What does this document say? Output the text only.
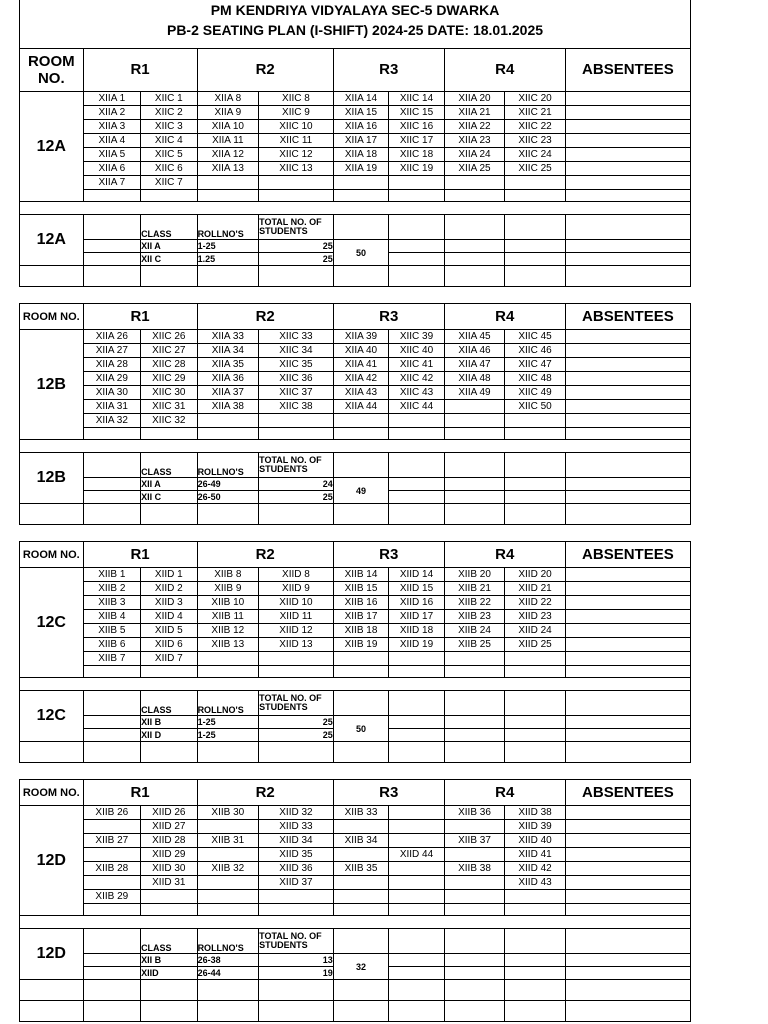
PM KENDRIYA VIDYALAYA SEC-5 DWARKA
PB-2 SEATING PLAN (I-SHIFT) 2024-25 DATE: 18.01.2025
ROOM NO.	R1		R2		R3		R4		ABSENTEES
12A	XIIA 1	XIIC 1	XIIA 8	XIIC 8	XIIA 14	XIIC 14	XIIA 20	XIIC 20	
	XIIA 2	XIIC 2	XIIA 9	XIIC 9	XIIA 15	XIIC 15	XIIA 21	XIIC 21	
	XIIA 3	XIIC 3	XIIA 10	XIIC 10	XIIA 16	XIIC 16	XIIA 22	XIIC 22	
	XIIA 4	XIIC 4	XIIA 11	XIIC 11	XIIA 17	XIIC 17	XIIA 23	XIIC 23	
	XIIA 5	XIIC 5	XIIA 12	XIIC 12	XIIA 18	XIIC 18	XIIA 24	XIIC 24	
	XIIA 6	XIIC 6	XIIA 13	XIIC 13	XIIA 19	XIIC 19	XIIA 25	XIIC 25	
	XIIA 7	XIIC 7							

12A		CLASS	ROLLNO'S	TOTAL NO. OF STUDENTS					
		XII A	1-25	25	50				
		XII C	1.25	25					

ROOM NO.	R1		R2		R3		R4		ABSENTEES
12B	XIIA 26	XIIC 26	XIIA 33	XIIC 33	XIIA 39	XIIC 39	XIIA 45	XIIC 45	
	XIIA 27	XIIC 27	XIIA 34	XIIC 34	XIIA 40	XIIC 40	XIIA 46	XIIC 46	
	XIIA 28	XIIC 28	XIIA 35	XIIC 35	XIIA 41	XIIC 41	XIIA 47	XIIC 47	
	XIIA 29	XIIC 29	XIIA 36	XIIC 36	XIIA 42	XIIC 42	XIIA 48	XIIC 48	
	XIIA 30	XIIC 30	XIIA 37	XIIC 37	XIIA 43	XIIC 43	XIIA 49	XIIC 49	
	XIIA 31	XIIC 31	XIIA 38	XIIC 38	XIIA 44	XIIC 44		XIIC 50	
	XIIA 32	XIIC 32							

12B		CLASS	ROLLNO'S	TOTAL NO. OF STUDENTS					
		XII A	26-49	24	49				
		XII C	26-50	25					

ROOM NO.	R1		R2		R3		R4		ABSENTEES
12C	XIIB 1	XIID 1	XIIB 8	XIID 8	XIIB 14	XIID 14	XIIB 20	XIID 20	
	XIIB 2	XIID 2	XIIB 9	XIID 9	XIIB 15	XIID 15	XIIB 21	XIID 21	
	XIIB 3	XIID 3	XIIB 10	XIID 10	XIIB 16	XIID 16	XIIB 22	XIID 22	
	XIIB 4	XIID 4	XIIB 11	XIID 11	XIIB 17	XIID 17	XIIB 23	XIID 23	
	XIIB 5	XIID 5	XIIB 12	XIID 12	XIIB 18	XIID 18	XIIB 24	XIID 24	
	XIIB 6	XIID 6	XIIB 13	XIID 13	XIIB 19	XIID 19	XIIB 25	XIID 25	
	XIIB 7	XIID 7							

12C		CLASS	ROLLNO'S	TOTAL NO. OF STUDENTS					
		XII B	1-25	25	50				
		XII D	1-25	25					

ROOM NO.	R1		R2		R3		R4		ABSENTEES
12D	XIIB 26	XIID 26	XIIB 30	XIID 32	XIIB 33		XIIB 36	XIID 38	
		XIID 27		XIID 33				XIID 39	
	XIIB 27	XIID 28	XIIB 31	XIID 34	XIIB 34		XIIB 37	XIID 40	
		XIID 29		XIID 35		XIID 44		XIID 41	
	XIIB 28	XIID 30	XIIB 32	XIID 36	XIIB 35		XIIB 38	XIID 42	
		XIID 31		XIID 37				XIID 43	
	XIIB 29								

12D		CLASS	ROLLNO'S	TOTAL NO. OF STUDENTS					
		XII B	26-38	13	32				
		XIID	26-44	19					
